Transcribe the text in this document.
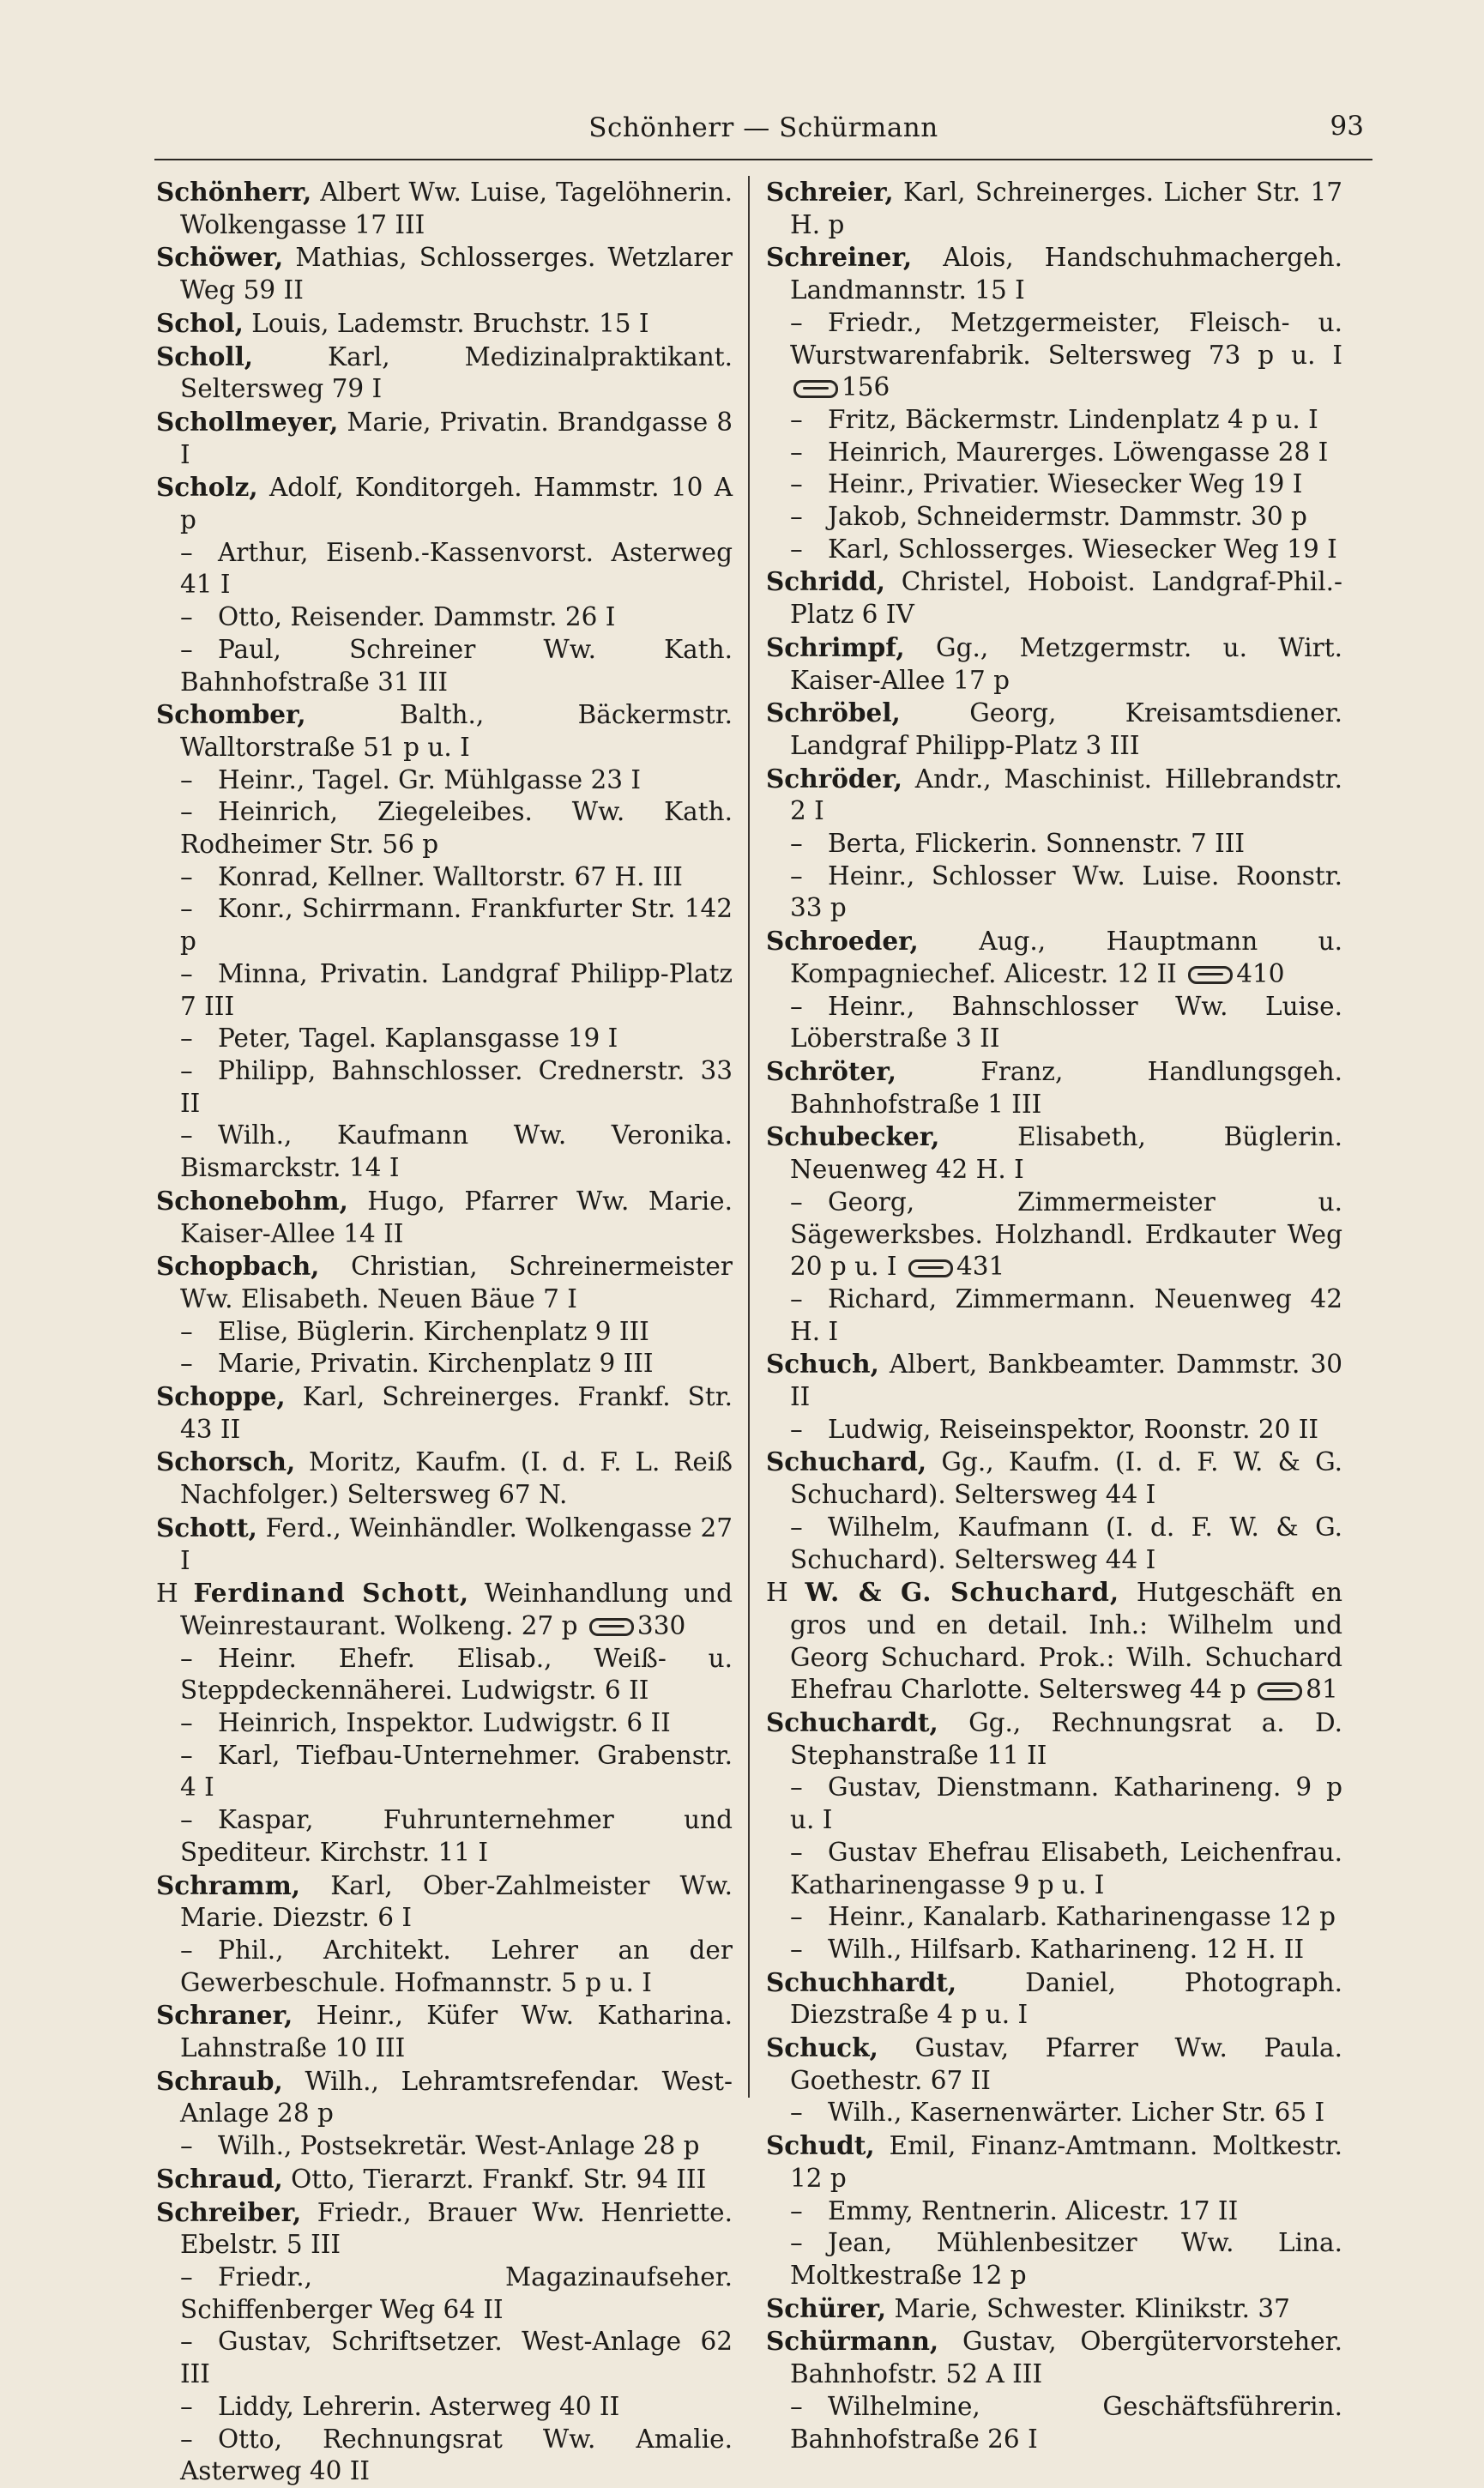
Schönherr — Schürmann	93
Schönherr, Albert Ww. Luise, Tagelöhnerin. Wolkengasse 17 III
Schöwer, Mathias, Schlosserges. Wetzlarer Weg 59 II
Schol, Louis, Lademstr. Bruchstr. 15 I
Scholl, Karl, Medizinalpraktikant. Seltersweg 79 I
Schollmeyer, Marie, Privatin. Brandgasse 8 I
Scholz, Adolf, Konditorgeh. Hammstr. 10 A p
– Arthur, Eisenb.-Kassenvorst. Asterweg 41 I
– Otto, Reisender. Dammstr. 26 I
– Paul, Schreiner Ww. Kath. Bahnhofstraße 31 III
Schomber, Balth., Bäckermstr. Walltorstraße 51 p u. I
– Heinr., Tagel. Gr. Mühlgasse 23 I
– Heinrich, Ziegeleibes. Ww. Kath. Rodheimer Str. 56 p
– Konrad, Kellner. Walltorstr. 67 H. III
– Konr., Schirrmann. Frankfurter Str. 142 p
– Minna, Privatin. Landgraf Philipp-Platz 7 III
– Peter, Tagel. Kaplansgasse 19 I
– Philipp, Bahnschlosser. Crednerstr. 33 II
– Wilh., Kaufmann Ww. Veronika. Bismarckstr. 14 I
Schonebohm, Hugo, Pfarrer Ww. Marie. Kaiser-Allee 14 II
Schopbach, Christian, Schreinermeister Ww. Elisabeth. Neuen Bäue 7 I
– Elise, Büglerin. Kirchenplatz 9 III
– Marie, Privatin. Kirchenplatz 9 III
Schoppe, Karl, Schreinerges. Frankf. Str. 43 II
Schorsch, Moritz, Kaufm. (I. d. F. L. Reiß Nachfolger.) Seltersweg 67 N.
Schott, Ferd., Weinhändler. Wolkengasse 27 I
H Ferdinand Schott, Weinhandlung und Weinrestaurant. Wolkeng. 27 p 330
– Heinr. Ehefr. Elisab., Weiß- u. Steppdeckennäherei. Ludwigstr. 6 II
– Heinrich, Inspektor. Ludwigstr. 6 II
– Karl, Tiefbau-Unternehmer. Grabenstr. 4 I
– Kaspar, Fuhrunternehmer und Spediteur. Kirchstr. 11 I
Schramm, Karl, Ober-Zahlmeister Ww. Marie. Diezstr. 6 I
– Phil., Architekt. Lehrer an der Gewerbeschule. Hofmannstr. 5 p u. I
Schraner, Heinr., Küfer Ww. Katharina. Lahnstraße 10 III
Schraub, Wilh., Lehramtsrefendar. West-Anlage 28 p
– Wilh., Postsekretär. West-Anlage 28 p
Schraud, Otto, Tierarzt. Frankf. Str. 94 III
Schreiber, Friedr., Brauer Ww. Henriette. Ebelstr. 5 III
– Friedr., Magazinaufseher. Schiffenberger Weg 64 II
– Gustav, Schriftsetzer. West-Anlage 62 III
– Liddy, Lehrerin. Asterweg 40 II
– Otto, Rechnungsrat Ww. Amalie. Asterweg 40 II
Schreier, Karl, Schreinerges. Licher Str. 17 H. p
Schreiner, Alois, Handschuhmachergeh. Landmannstr. 15 I
– Friedr., Metzgermeister, Fleisch- u. Wurstwarenfabrik. Seltersweg 73 p u. I 156
– Fritz, Bäckermstr. Lindenplatz 4 p u. I
– Heinrich, Maurerges. Löwengasse 28 I
– Heinr., Privatier. Wiesecker Weg 19 I
– Jakob, Schneidermstr. Dammstr. 30 p
– Karl, Schlosserges. Wiesecker Weg 19 I
Schridd, Christel, Hoboist. Landgraf-Phil.-Platz 6 IV
Schrimpf, Gg., Metzgermstr. u. Wirt. Kaiser-Allee 17 p
Schröbel, Georg, Kreisamtsdiener. Landgraf Philipp-Platz 3 III
Schröder, Andr., Maschinist. Hillebrandstr. 2 I
– Berta, Flickerin. Sonnenstr. 7 III
– Heinr., Schlosser Ww. Luise. Roonstr. 33 p
Schroeder, Aug., Hauptmann u. Kompagniechef. Alicestr. 12 II 410
– Heinr., Bahnschlosser Ww. Luise. Löberstraße 3 II
Schröter, Franz, Handlungsgeh. Bahnhofstraße 1 III
Schubecker, Elisabeth, Büglerin. Neuenweg 42 H. I
– Georg, Zimmermeister u. Sägewerksbes. Holzhandl. Erdkauter Weg 20 p u. I 431
– Richard, Zimmermann. Neuenweg 42 H. I
Schuch, Albert, Bankbeamter. Dammstr. 30 II
– Ludwig, Reiseinspektor, Roonstr. 20 II
Schuchard, Gg., Kaufm. (I. d. F. W. & G. Schuchard). Seltersweg 44 I
– Wilhelm, Kaufmann (I. d. F. W. & G. Schuchard). Seltersweg 44 I
H W. & G. Schuchard, Hutgeschäft en gros und en detail. Inh.: Wilhelm und Georg Schuchard. Prok.: Wilh. Schuchard Ehefrau Charlotte. Seltersweg 44 p 81
Schuchardt, Gg., Rechnungsrat a. D. Stephanstraße 11 II
– Gustav, Dienstmann. Katharineng. 9 p u. I
– Gustav Ehefrau Elisabeth, Leichenfrau. Katharinengasse 9 p u. I
– Heinr., Kanalarb. Katharinengasse 12 p
– Wilh., Hilfsarb. Katharineng. 12 H. II
Schuchhardt, Daniel, Photograph. Diezstraße 4 p u. I
Schuck, Gustav, Pfarrer Ww. Paula. Goethestr. 67 II
– Wilh., Kasernenwärter. Licher Str. 65 I
Schudt, Emil, Finanz-Amtmann. Moltkestr. 12 p
– Emmy, Rentnerin. Alicestr. 17 II
– Jean, Mühlenbesitzer Ww. Lina. Moltkestraße 12 p
Schürer, Marie, Schwester. Klinikstr. 37
Schürmann, Gustav, Obergütervorsteher. Bahnhofstr. 52 A III
– Wilhelmine, Geschäftsführerin. Bahnhofstraße 26 I
